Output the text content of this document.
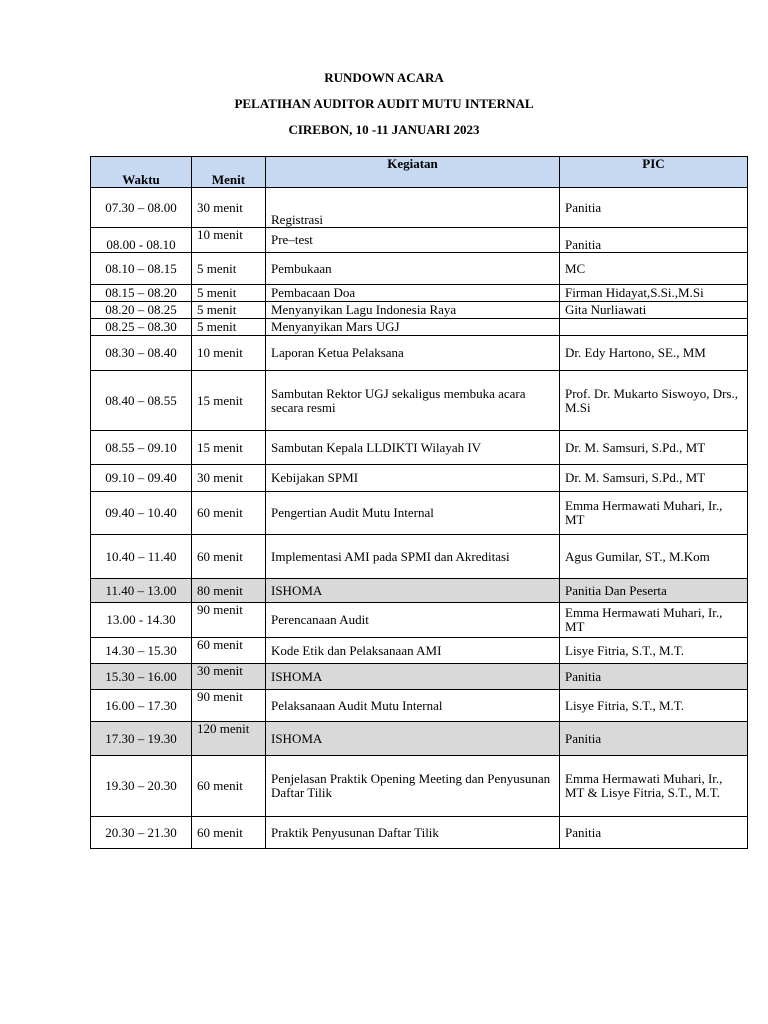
RUNDOWN ACARA
PELATIHAN AUDITOR AUDIT MUTU INTERNAL
CIREBON, 10 -11 JANUARI 2023
Waktu	Menit	Kegiatan	PIC
07.30 – 08.00	30 menit	Registrasi	Panitia
08.00 - 08.10	10 menit	Pre–test	Panitia
08.10 – 08.15	5 menit	Pembukaan	MC
08.15 – 08.20	5 menit	Pembacaan Doa	Firman Hidayat,S.Si.,M.Si
08.20 – 08.25	5 menit	Menyanyikan Lagu Indonesia Raya	Gita Nurliawati
08.25 – 08.30	5 menit	Menyanyikan Mars UGJ	
08.30 – 08.40	10 menit	Laporan Ketua Pelaksana	Dr. Edy Hartono, SE., MM
08.40 – 08.55	15 menit	Sambutan Rektor UGJ sekaligus membuka acara secara resmi	Prof. Dr. Mukarto Siswoyo, Drs., M.Si
08.55 – 09.10	15 menit	Sambutan Kepala LLDIKTI Wilayah IV	Dr. M. Samsuri, S.Pd., MT
09.10 – 09.40	30 menit	Kebijakan SPMI	Dr. M. Samsuri, S.Pd., MT
09.40 – 10.40	60 menit	Pengertian Audit Mutu Internal	Emma Hermawati Muhari, Ir., MT
10.40 – 11.40	60 menit	Implementasi AMI pada SPMI dan Akreditasi	Agus Gumilar, ST., M.Kom
11.40 – 13.00	80 menit	ISHOMA	Panitia Dan Peserta
13.00 - 14.30	90 menit	Perencanaan Audit	Emma Hermawati Muhari, Ir., MT
14.30 – 15.30	60 menit	Kode Etik dan Pelaksanaan AMI	Lisye Fitria, S.T., M.T.
15.30 – 16.00	30 menit	ISHOMA	Panitia
16.00 – 17.30	90 menit	Pelaksanaan Audit Mutu Internal	Lisye Fitria, S.T., M.T.
17.30 – 19.30	120 menit	ISHOMA	Panitia
19.30 – 20.30	60 menit	Penjelasan Praktik Opening Meeting dan Penyusunan Daftar Tilik	Emma Hermawati Muhari, Ir., MT & Lisye Fitria, S.T., M.T.
20.30 – 21.30	60 menit	Praktik Penyusunan Daftar Tilik	Panitia
